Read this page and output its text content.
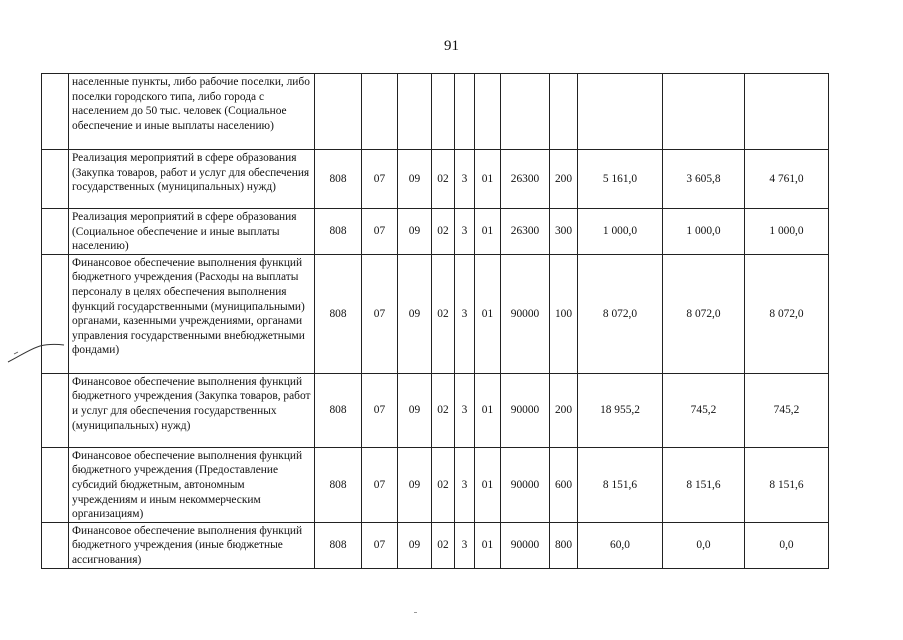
91
	населенные пункты, либо рабочие поселки, либо поселки городского типа, либо города с населением до 50 тыс. человек (Социальное обеспечение и иные выплаты населению)											
	Реализация мероприятий в сфере образования (Закупка товаров, работ и услуг для обеспечения государственных (муниципальных) нужд)	808	07	09	02	3	01	26300	200	5 161,0	3 605,8	4 761,0
	Реализация мероприятий в сфере образования (Социальное обеспечение и иные выплаты населению)	808	07	09	02	3	01	26300	300	1 000,0	1 000,0	1 000,0
	Финансовое обеспечение выполнения функций бюджетного учреждения (Расходы на выплаты персоналу в целях обеспечения выполнения функций государственными (муниципальными) органами, казенными учреждениями, органами управления государственными внебюджетными фондами)	808	07	09	02	3	01	90000	100	8 072,0	8 072,0	8 072,0
	Финансовое обеспечение выполнения функций бюджетного учреждения (Закупка товаров, работ и услуг для обеспечения государственных (муниципальных) нужд)	808	07	09	02	3	01	90000	200	18 955,2	745,2	745,2
	Финансовое обеспечение выполнения функций бюджетного учреждения (Предоставление субсидий бюджетным, автономным учреждениям и иным некоммерческим организациям)	808	07	09	02	3	01	90000	600	8 151,6	8 151,6	8 151,6
	Финансовое обеспечение выполнения функций бюджетного учреждения (иные бюджетные ассигнования)	808	07	09	02	3	01	90000	800	60,0	0,0	0,0
